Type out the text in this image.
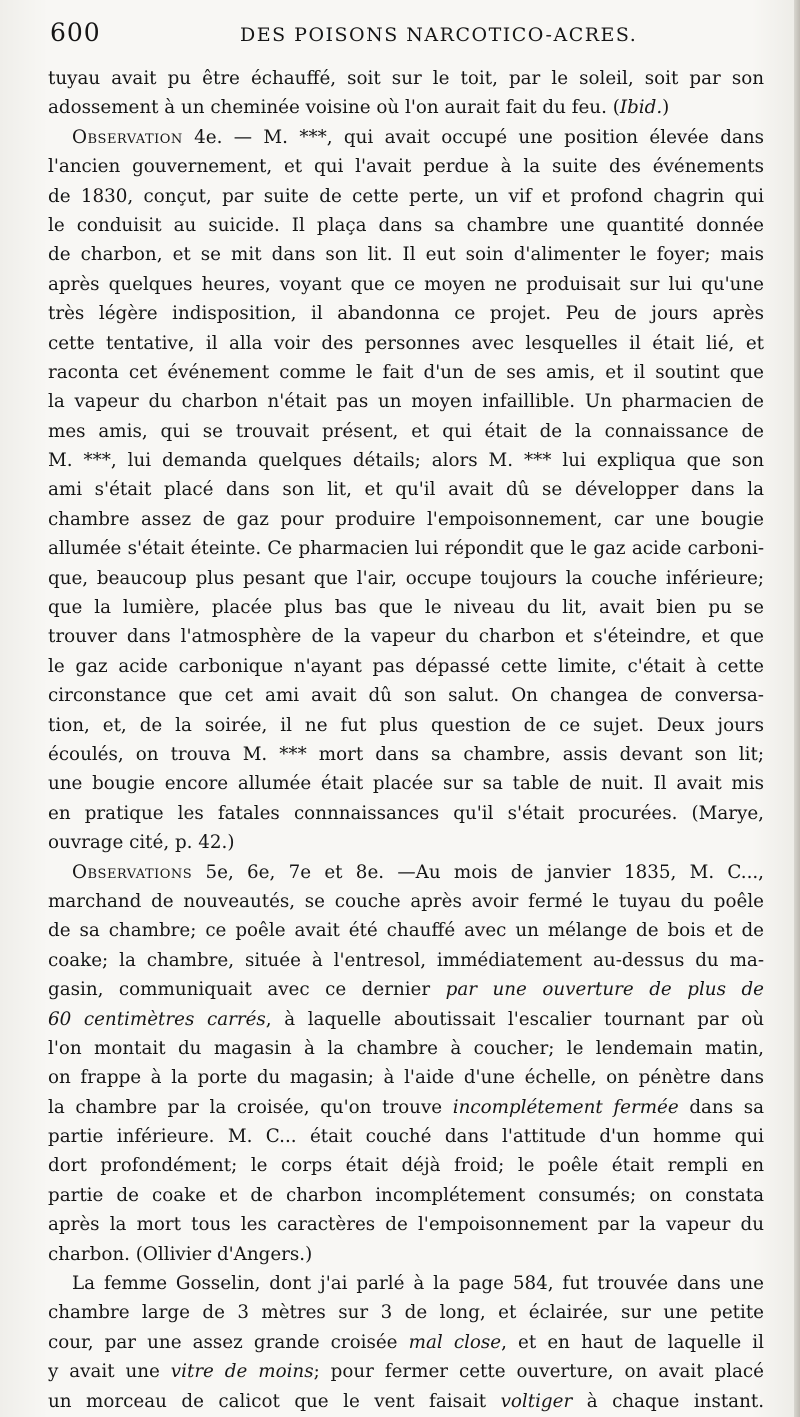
600	DES POISONS NARCOTICO-ACRES.
tuyau avait pu être échauffé, soit sur le toit, par le soleil, soit par son
adossement à un cheminée voisine où l'on aurait fait du feu. (Ibid.)
Observation 4e. — M. ***, qui avait occupé une position élevée dans
l'ancien gouvernement, et qui l'avait perdue à la suite des événements
de 1830, conçut, par suite de cette perte, un vif et profond chagrin qui
le conduisit au suicide. Il plaça dans sa chambre une quantité donnée
de charbon, et se mit dans son lit. Il eut soin d'alimenter le foyer; mais
après quelques heures, voyant que ce moyen ne produisait sur lui qu'une
très légère indisposition, il abandonna ce projet. Peu de jours après
cette tentative, il alla voir des personnes avec lesquelles il était lié, et
raconta cet événement comme le fait d'un de ses amis, et il soutint que
la vapeur du charbon n'était pas un moyen infaillible. Un pharmacien de
mes amis, qui se trouvait présent, et qui était de la connaissance de
M. ***, lui demanda quelques détails; alors M. *** lui expliqua que son
ami s'était placé dans son lit, et qu'il avait dû se développer dans la
chambre assez de gaz pour produire l'empoisonnement, car une bougie
allumée s'était éteinte. Ce pharmacien lui répondit que le gaz acide carboni-
que, beaucoup plus pesant que l'air, occupe toujours la couche inférieure;
que la lumière, placée plus bas que le niveau du lit, avait bien pu se
trouver dans l'atmosphère de la vapeur du charbon et s'éteindre, et que
le gaz acide carbonique n'ayant pas dépassé cette limite, c'était à cette
circonstance que cet ami avait dû son salut. On changea de conversa-
tion, et, de la soirée, il ne fut plus question de ce sujet. Deux jours
écoulés, on trouva M. *** mort dans sa chambre, assis devant son lit;
une bougie encore allumée était placée sur sa table de nuit. Il avait mis
en pratique les fatales connnaissances qu'il s'était procurées. (Marye,
ouvrage cité, p. 42.)
Observations 5e, 6e, 7e et 8e. —Au mois de janvier 1835, M. C...,
marchand de nouveautés, se couche après avoir fermé le tuyau du poêle
de sa chambre; ce poêle avait été chauffé avec un mélange de bois et de
coake; la chambre, située à l'entresol, immédiatement au-dessus du ma-
gasin, communiquait avec ce dernier par une ouverture de plus de
60 centimètres carrés, à laquelle aboutissait l'escalier tournant par où
l'on montait du magasin à la chambre à coucher; le lendemain matin,
on frappe à la porte du magasin; à l'aide d'une échelle, on pénètre dans
la chambre par la croisée, qu'on trouve incomplétement fermée dans sa
partie inférieure. M. C... était couché dans l'attitude d'un homme qui
dort profondément; le corps était déjà froid; le poêle était rempli en
partie de coake et de charbon incomplétement consumés; on constata
après la mort tous les caractères de l'empoisonnement par la vapeur du
charbon. (Ollivier d'Angers.)
La femme Gosselin, dont j'ai parlé à la page 584, fut trouvée dans une
chambre large de 3 mètres sur 3 de long, et éclairée, sur une petite
cour, par une assez grande croisée mal close, et en haut de laquelle il
y avait une vitre de moins; pour fermer cette ouverture, on avait placé
un morceau de calicot que le vent faisait voltiger à chaque instant.
